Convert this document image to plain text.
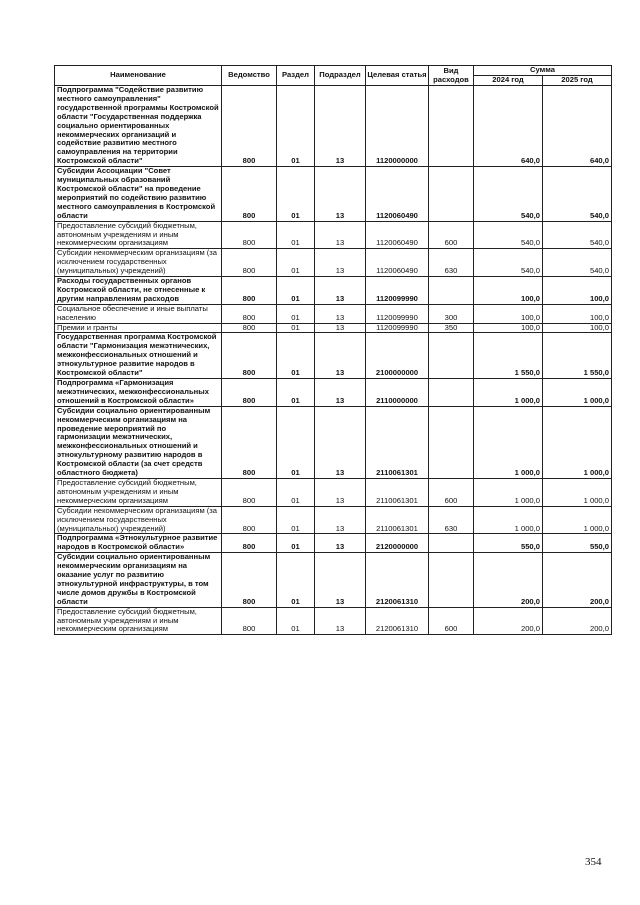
Наименование	Ведомство	Раздел	Подраздел	Целевая статья	Вид расходов	Сумма	
						2024 год	2025 год
Подпрограмма "Содействие развитию местного самоуправления" государственной программы Костромской области "Государственная поддержка социально ориентированных некоммерческих организаций и содействие развитию местного самоуправления на территории Костромской области"	800	01	13	1120000000		640,0	640,0
Субсидии Ассоциации "Совет муниципальных образований Костромской области" на проведение мероприятий по содействию развитию местного самоуправления в Костромской области	800	01	13	1120060490		540,0	540,0
Предоставление субсидий бюджетным, автономным учреждениям и иным некоммерческим организациям	800	01	13	1120060490	600	540,0	540,0
Субсидии некоммерческим организациям (за исключением государственных (муниципальных) учреждений)	800	01	13	1120060490	630	540,0	540,0
Расходы государственных органов Костромской области, не отнесенные к другим направлениям расходов	800	01	13	1120099990		100,0	100,0
Социальное обеспечение и иные выплаты населению	800	01	13	1120099990	300	100,0	100,0
Премии и гранты	800	01	13	1120099990	350	100,0	100,0
Государственная программа Костромской области "Гармонизация межэтнических, межконфессиональных отношений и этнокультурное развитие народов в Костромской области"	800	01	13	2100000000		1 550,0	1 550,0
Подпрограмма «Гармонизация межэтнических, межконфессиональных отношений в Костромской области»	800	01	13	2110000000		1 000,0	1 000,0
Субсидии социально ориентированным некоммерческим организациям на проведение мероприятий по гармонизации межэтнических, межконфессиональных отношений и этнокультурному развитию народов в Костромской области (за счет средств областного бюджета)	800	01	13	2110061301		1 000,0	1 000,0
Предоставление субсидий бюджетным, автономным учреждениям и иным некоммерческим организациям	800	01	13	2110061301	600	1 000,0	1 000,0
Субсидии некоммерческим организациям (за исключением государственных (муниципальных) учреждений)	800	01	13	2110061301	630	1 000,0	1 000,0
Подпрограмма «Этнокультурное развитие народов в Костромской области»	800	01	13	2120000000		550,0	550,0
Субсидии социально ориентированным некоммерческим организациям на оказание услуг по развитию этнокультурной инфраструктуры, в том числе домов дружбы в Костромской области	800	01	13	2120061310		200,0	200,0
Предоставление субсидий бюджетным, автономным учреждениям и иным некоммерческим организациям	800	01	13	2120061310	600	200,0	200,0
354
